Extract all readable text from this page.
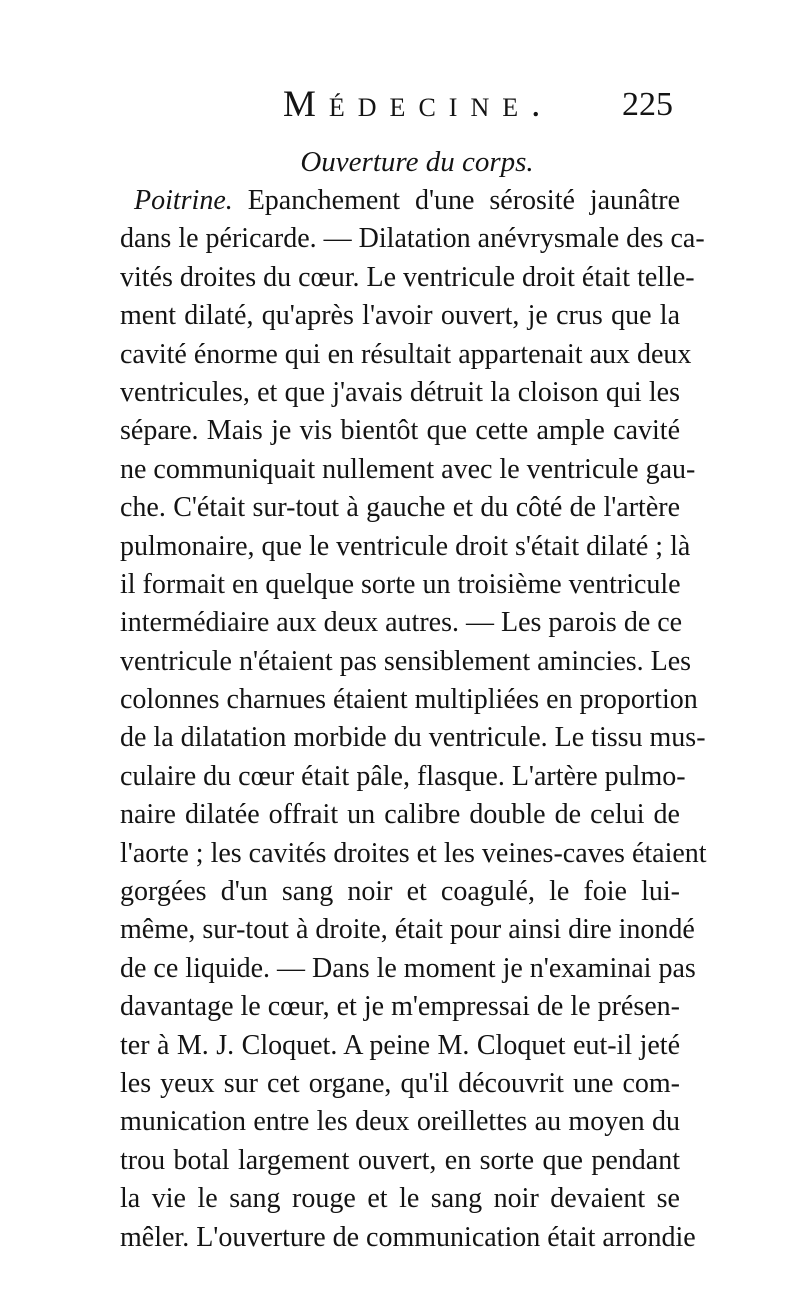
Médecine. 225
Ouverture du corps.
Poitrine. Epanchement d'une sérosité jaunâtre
dans le péricarde. — Dilatation anévrysmale des ca-
vités droites du cœur. Le ventricule droit était telle-
ment dilaté, qu'après l'avoir ouvert, je crus que la
cavité énorme qui en résultait appartenait aux deux
ventricules, et que j'avais détruit la cloison qui les
sépare. Mais je vis bientôt que cette ample cavité
ne communiquait nullement avec le ventricule gau-
che. C'était sur-tout à gauche et du côté de l'artère
pulmonaire, que le ventricule droit s'était dilaté ; là
il formait en quelque sorte un troisième ventricule
intermédiaire aux deux autres. — Les parois de ce
ventricule n'étaient pas sensiblement amincies. Les
colonnes charnues étaient multipliées en proportion
de la dilatation morbide du ventricule. Le tissu mus-
culaire du cœur était pâle, flasque. L'artère pulmo-
naire dilatée offrait un calibre double de celui de
l'aorte ; les cavités droites et les veines-caves étaient
gorgées d'un sang noir et coagulé, le foie lui-
même, sur-tout à droite, était pour ainsi dire inondé
de ce liquide. — Dans le moment je n'examinai pas
davantage le cœur, et je m'empressai de le présen-
ter à M. J. Cloquet. A peine M. Cloquet eut-il jeté
les yeux sur cet organe, qu'il découvrit une com-
munication entre les deux oreillettes au moyen du
trou botal largement ouvert, en sorte que pendant
la vie le sang rouge et le sang noir devaient se
mêler. L'ouverture de communication était arrondie
